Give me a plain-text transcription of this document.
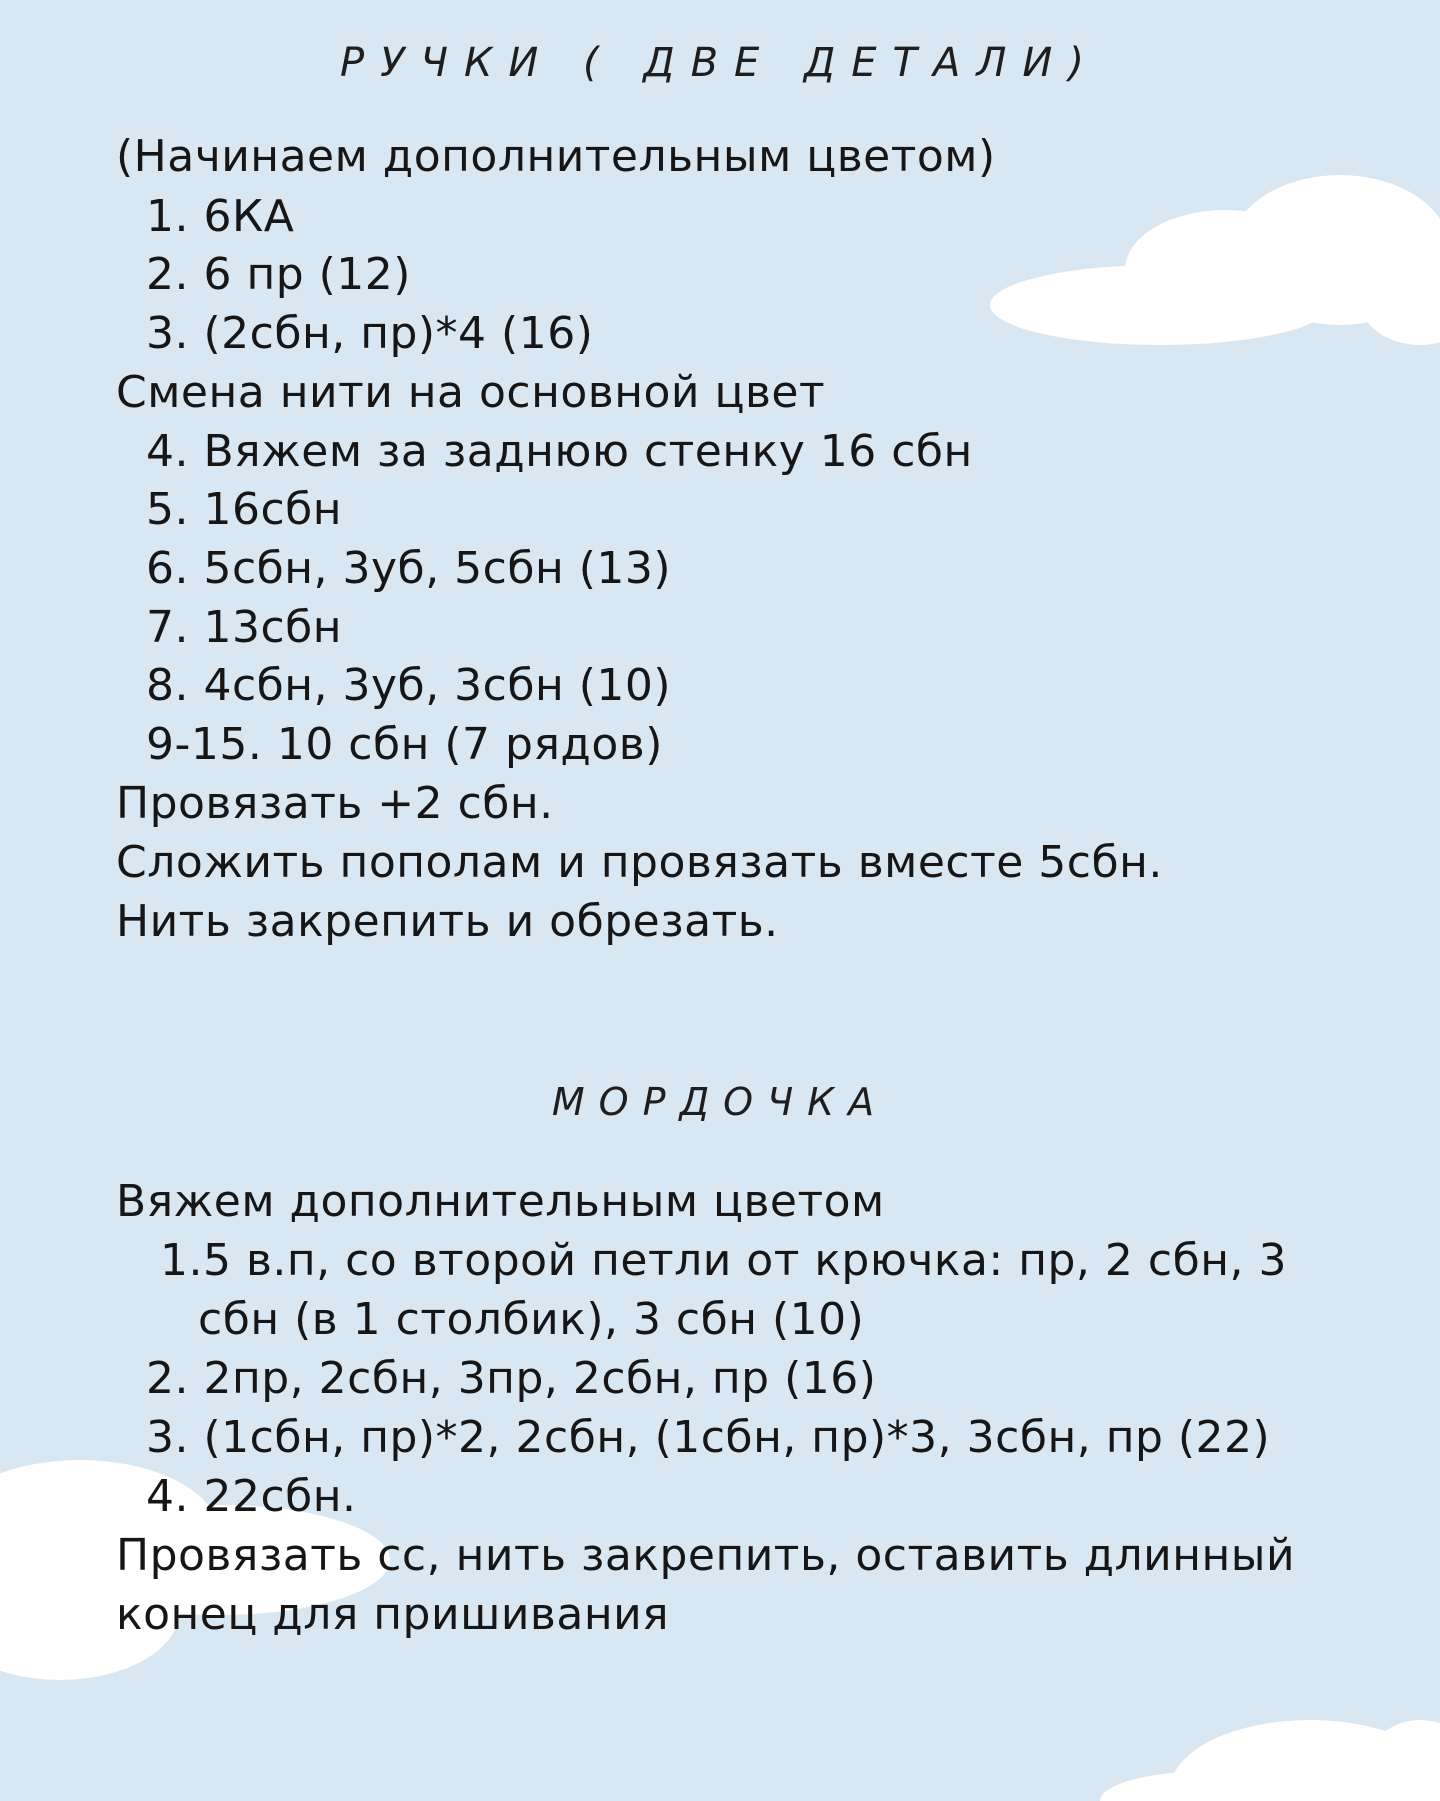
РУЧКИ ( ДВЕ ДЕТАЛИ)
(Начинаем дополнительным цветом)
1. 6КА
2. 6 пр (12)
3. (2сбн, пр)*4 (16)
Смена нити на основной цвет
4. Вяжем за заднюю стенку 16 сбн
5. 16сбн
6. 5сбн, 3уб, 5сбн (13)
7. 13сбн
8. 4сбн, 3уб, 3сбн (10)
9-15. 10 сбн (7 рядов)
Провязать +2 сбн.
Сложить пополам и провязать вместе 5сбн.
Нить закрепить и обрезать.
МОРДОЧКА
Вяжем дополнительным цветом
1.5 в.п, со второй петли от крючка: пр, 2 сбн, 3
сбн (в 1 столбик), 3 сбн (10)
2. 2пр, 2сбн, 3пр, 2сбн, пр (16)
3. (1сбн, пр)*2, 2сбн, (1сбн, пр)*3, 3сбн, пр (22)
4. 22сбн.
Провязать сс, нить закрепить, оставить длинный
конец для пришивания
